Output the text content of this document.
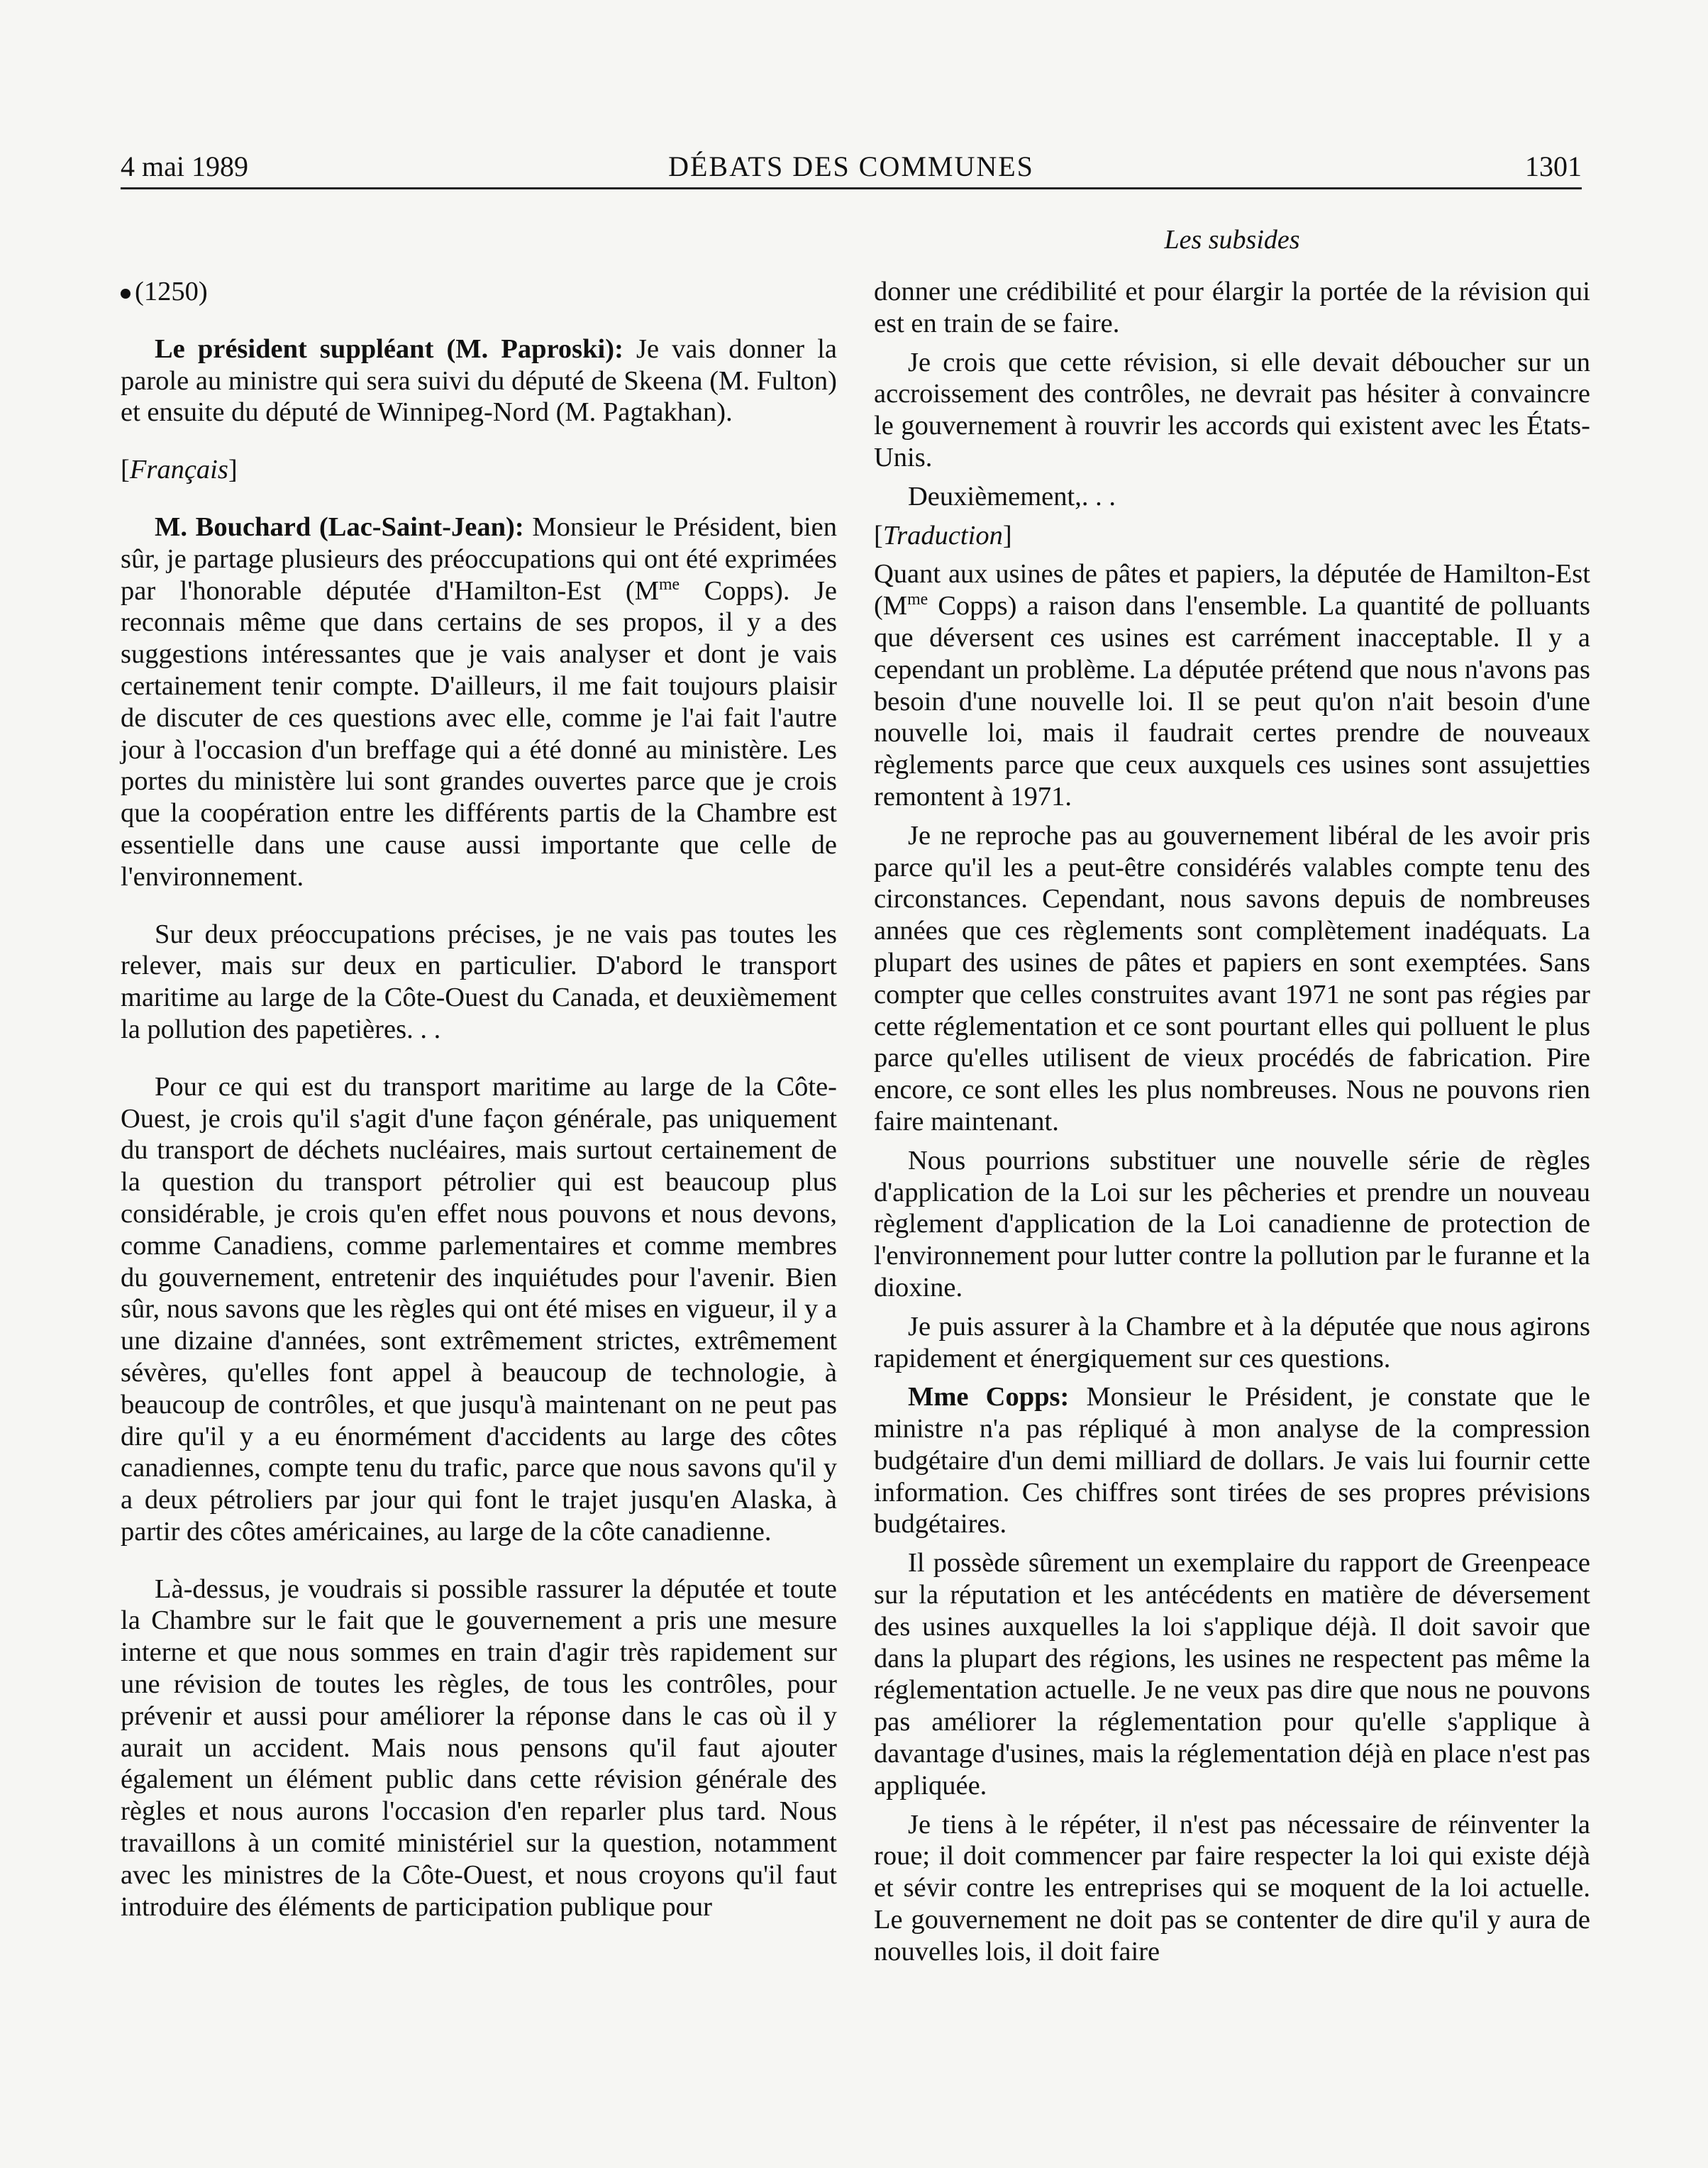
4 mai 1989	DÉBATS DES COMMUNES	1301
Les subsides

(1250)

Le président suppléant (M. Paproski): Je vais donner la parole au ministre qui sera suivi du député de Skeena (M. Fulton) et ensuite du député de Winnipeg-Nord (M. Pagtakhan).

[Français]

M. Bouchard (Lac-Saint-Jean): Monsieur le Président, bien sûr, je partage plusieurs des préoccupations qui ont été exprimées par l'honorable députée d'Hamilton-Est ($M^{me}$ Copps). Je reconnais même que dans certains de ses propos, il y a des suggestions intéressantes que je vais analyser et dont je vais certainement tenir compte. D'ailleurs, il me fait toujours plaisir de discuter de ces questions avec elle, comme je l'ai fait l'autre jour à l'occasion d'un breffage qui a été donné au ministère. Les portes du ministère lui sont grandes ouvertes parce que je crois que la coopération entre les différents partis de la Chambre est essentielle dans une cause aussi importante que celle de l'environnement.

Sur deux préoccupations précises, je ne vais pas toutes les relever, mais sur deux en particulier. D'abord le transport maritime au large de la Côte-Ouest du Canada, et deuxièmement la pollution des papetières. . .

Pour ce qui est du transport maritime au large de la Côte-Ouest, je crois qu'il s'agit d'une façon générale, pas uniquement du transport de déchets nucléaires, mais surtout certainement de la question du transport pétrolier qui est beaucoup plus considérable, je crois qu'en effet nous pouvons et nous devons, comme Canadiens, comme parlementaires et comme membres du gouvernement, entretenir des inquiétudes pour l'avenir. Bien sûr, nous savons que les règles qui ont été mises en vigueur, il y a une dizaine d'années, sont extrêmement strictes, extrêmement sévères, qu'elles font appel à beaucoup de technologie, à beaucoup de contrôles, et que jusqu'à maintenant on ne peut pas dire qu'il y a eu énormément d'accidents au large des côtes canadiennes, compte tenu du trafic, parce que nous savons qu'il y a deux pétroliers par jour qui font le trajet jusqu'en Alaska, à partir des côtes américaines, au large de la côte canadienne.

Là-dessus, je voudrais si possible rassurer la députée et toute la Chambre sur le fait que le gouvernement a pris une mesure interne et que nous sommes en train d'agir très rapidement sur une révision de toutes les règles, de tous les contrôles, pour prévenir et aussi pour améliorer la réponse dans le cas où il y aurait un accident. Mais nous pensons qu'il faut ajouter également un élément public dans cette révision générale des règles et nous aurons l'occasion d'en reparler plus tard. Nous travaillons à un comité ministériel sur la question, notamment avec les ministres de la Côte-Ouest, et nous croyons qu'il faut introduire des éléments de participation publique pour

donner une crédibilité et pour élargir la portée de la révision qui est en train de se faire.

Je crois que cette révision, si elle devait déboucher sur un accroissement des contrôles, ne devrait pas hésiter à convaincre le gouvernement à rouvrir les accords qui existent avec les États-Unis.

Deuxièmement,. . .

[Traduction]

Quant aux usines de pâtes et papiers, la députée de Hamilton-Est ($M^{me}$ Copps) a raison dans l'ensemble. La quantité de polluants que déversent ces usines est carrément inacceptable. Il y a cependant un problème. La députée prétend que nous n'avons pas besoin d'une nouvelle loi. Il se peut qu'on n'ait besoin d'une nouvelle loi, mais il faudrait certes prendre de nouveaux règlements parce que ceux auxquels ces usines sont assujetties remontent à 1971.

Je ne reproche pas au gouvernement libéral de les avoir pris parce qu'il les a peut-être considérés valables compte tenu des circonstances. Cependant, nous savons depuis de nombreuses années que ces règlements sont complètement inadéquats. La plupart des usines de pâtes et papiers en sont exemptées. Sans compter que celles construites avant 1971 ne sont pas régies par cette réglementation et ce sont pourtant elles qui polluent le plus parce qu'elles utilisent de vieux procédés de fabrication. Pire encore, ce sont elles les plus nombreuses. Nous ne pouvons rien faire maintenant.

Nous pourrions substituer une nouvelle série de règles d'application de la Loi sur les pêcheries et prendre un nouveau règlement d'application de la Loi canadienne de protection de l'environnement pour lutter contre la pollution par le furanne et la dioxine.

Je puis assurer à la Chambre et à la députée que nous agirons rapidement et énergiquement sur ces questions.

Mme Copps: Monsieur le Président, je constate que le ministre n'a pas répliqué à mon analyse de la compression budgétaire d'un demi milliard de dollars. Je vais lui fournir cette information. Ces chiffres sont tirées de ses propres prévisions budgétaires.

Il possède sûrement un exemplaire du rapport de Greenpeace sur la réputation et les antécédents en matière de déversement des usines auxquelles la loi s'applique déjà. Il doit savoir que dans la plupart des régions, les usines ne respectent pas même la réglementation actuelle. Je ne veux pas dire que nous ne pouvons pas améliorer la réglementation pour qu'elle s'applique à davantage d'usines, mais la réglementation déjà en place n'est pas appliquée.

Je tiens à le répéter, il n'est pas nécessaire de réinventer la roue; il doit commencer par faire respecter la loi qui existe déjà et sévir contre les entreprises qui se moquent de la loi actuelle. Le gouvernement ne doit pas se contenter de dire qu'il y aura de nouvelles lois, il doit faire
